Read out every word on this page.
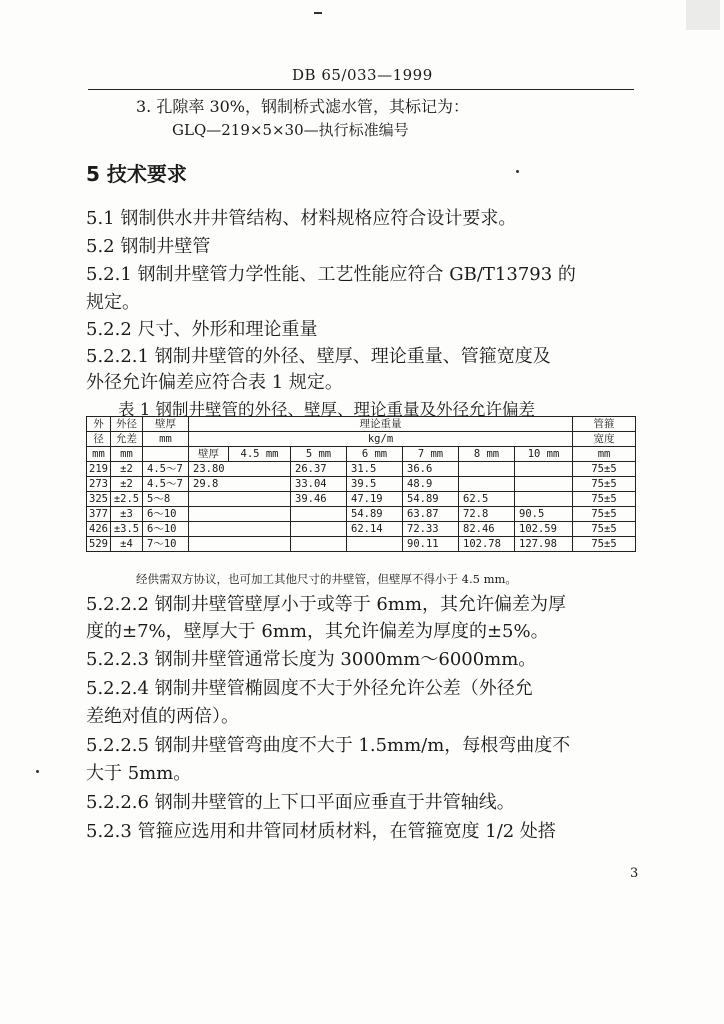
DB 65/033—1999
3. 孔隙率 30%，钢制桥式滤水管，其标记为：
GLQ—219×5×30—执行标准编号
5 技术要求
5.1 钢制供水井井管结构、材料规格应符合设计要求。
5.2 钢制井壁管
5.2.1 钢制井壁管力学性能、工艺性能应符合 GB/T13793 的
规定。
5.2.2 尺寸、外形和理论重量
5.2.2.1 钢制井壁管的外径、壁厚、理论重量、管箍宽度及
外径允许偏差应符合表 1 规定。
表 1 钢制井壁管的外径、壁厚、理论重量及外径允许偏差
外	外径	壁厚	理论重量							管箍
径	允差	mm	kg/m							宽度
mm	mm		壁厚	4.5 mm	5 mm	6 mm	7 mm	8 mm	10 mm	mm
219	±2	4.5～7	23.80		26.37	31.5	36.6			75±5
273	±2	4.5～7	29.8		33.04	39.5	48.9			75±5
325	±2.5	5～8			39.46	47.19	54.89	62.5		75±5
377	±3	6～10				54.89	63.87	72.8	90.5	75±5
426	±3.5	6～10				62.14	72.33	82.46	102.59	75±5
529	±4	7～10					90.11	102.78	127.98	75±5
经供需双方协议，也可加工其他尺寸的井壁管，但壁厚不得小于 4.5 mm。
5.2.2.2 钢制井壁管壁厚小于或等于 6mm，其允许偏差为厚
度的±7%，壁厚大于 6mm，其允许偏差为厚度的±5%。
5.2.2.3 钢制井壁管通常长度为 3000mm～6000mm。
5.2.2.4 钢制井壁管椭圆度不大于外径允许公差（外径允
差绝对值的两倍）。
5.2.2.5 钢制井壁管弯曲度不大于 1.5mm/m，每根弯曲度不
大于 5mm。
5.2.2.6 钢制井壁管的上下口平面应垂直于井管轴线。
5.2.3 管箍应选用和井管同材质材料，在管箍宽度 1/2 处搭
3
